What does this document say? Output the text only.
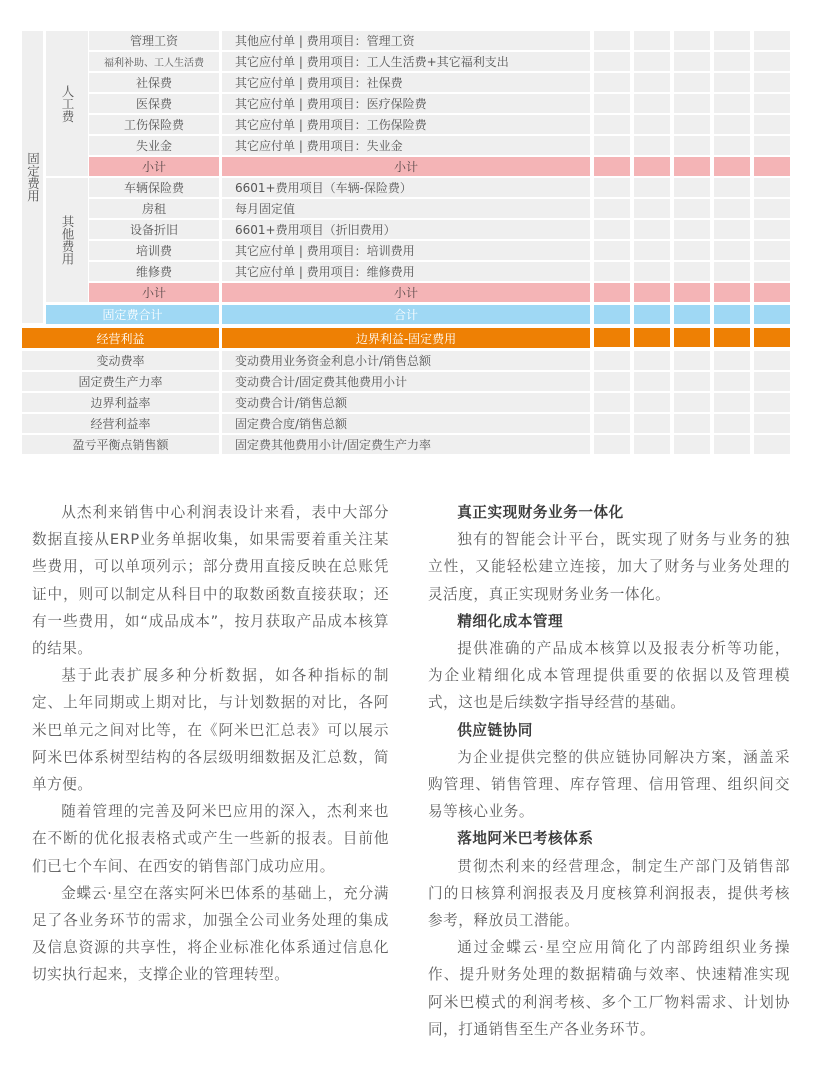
固定费用
人工费
管理工资	其他应付单 | 费用项目：管理工资
福利补助、工人生活费	其它应付单 | 费用项目：工人生活费+其它福利支出
社保费	其它应付单 | 费用项目：社保费
医保费	其它应付单 | 费用项目：医疗保险费
工伤保险费	其它应付单 | 费用项目：工伤保险费
失业金	其它应付单 | 费用项目：失业金
小计	小计
其他费用
车辆保险费	6601+费用项目（车辆-保险费）
房租	每月固定值
设备折旧	6601+费用项目（折旧费用）
培训费	其它应付单 | 费用项目：培训费用
维修费	其它应付单 | 费用项目：维修费用
小计	小计
固定费合计	合计
经营利益	边界利益-固定费用
变动费率	变动费用业务资金利息小计/销售总额
固定费生产力率	变动费合计/固定费其他费用小计
边界利益率	变动费合计/销售总额
经营利益率	固定费合度/销售总额
盈亏平衡点销售额	固定费其他费用小计/固定费生产力率

从杰利来销售中心利润表设计来看，表中大部分数据直接从ERP业务单据收集，如果需要着重关注某些费用，可以单项列示；部分费用直接反映在总账凭证中，则可以制定从科目中的取数函数直接获取；还有一些费用，如“成品成本”，按月获取产品成本核算的结果。

基于此表扩展多种分析数据，如各种指标的制定、上年同期或上期对比，与计划数据的对比，各阿米巴单元之间对比等，在《阿米巴汇总表》可以展示阿米巴体系树型结构的各层级明细数据及汇总数，简单方便。

随着管理的完善及阿米巴应用的深入，杰利来也在不断的优化报表格式或产生一些新的报表。目前他们已七个车间、在西安的销售部门成功应用。

金蝶云·星空在落实阿米巴体系的基础上，充分满足了各业务环节的需求，加强全公司业务处理的集成及信息资源的共享性，将企业标准化体系通过信息化切实执行起来，支撑企业的管理转型。

真正实现财务业务一体化

独有的智能会计平台，既实现了财务与业务的独立性，又能轻松建立连接，加大了财务与业务处理的灵活度，真正实现财务业务一体化。

精细化成本管理

提供准确的产品成本核算以及报表分析等功能，为企业精细化成本管理提供重要的依据以及管理模式，这也是后续数字指导经营的基础。

供应链协同

为企业提供完整的供应链协同解决方案，涵盖采购管理、销售管理、库存管理、信用管理、组织间交易等核心业务。

落地阿米巴考核体系

贯彻杰利来的经营理念，制定生产部门及销售部门的日核算利润报表及月度核算利润报表，提供考核参考，释放员工潜能。

通过金蝶云·星空应用简化了内部跨组织业务操作、提升财务处理的数据精确与效率、快速精准实现阿米巴模式的利润考核、多个工厂物料需求、计划协同，打通销售至生产各业务环节。
